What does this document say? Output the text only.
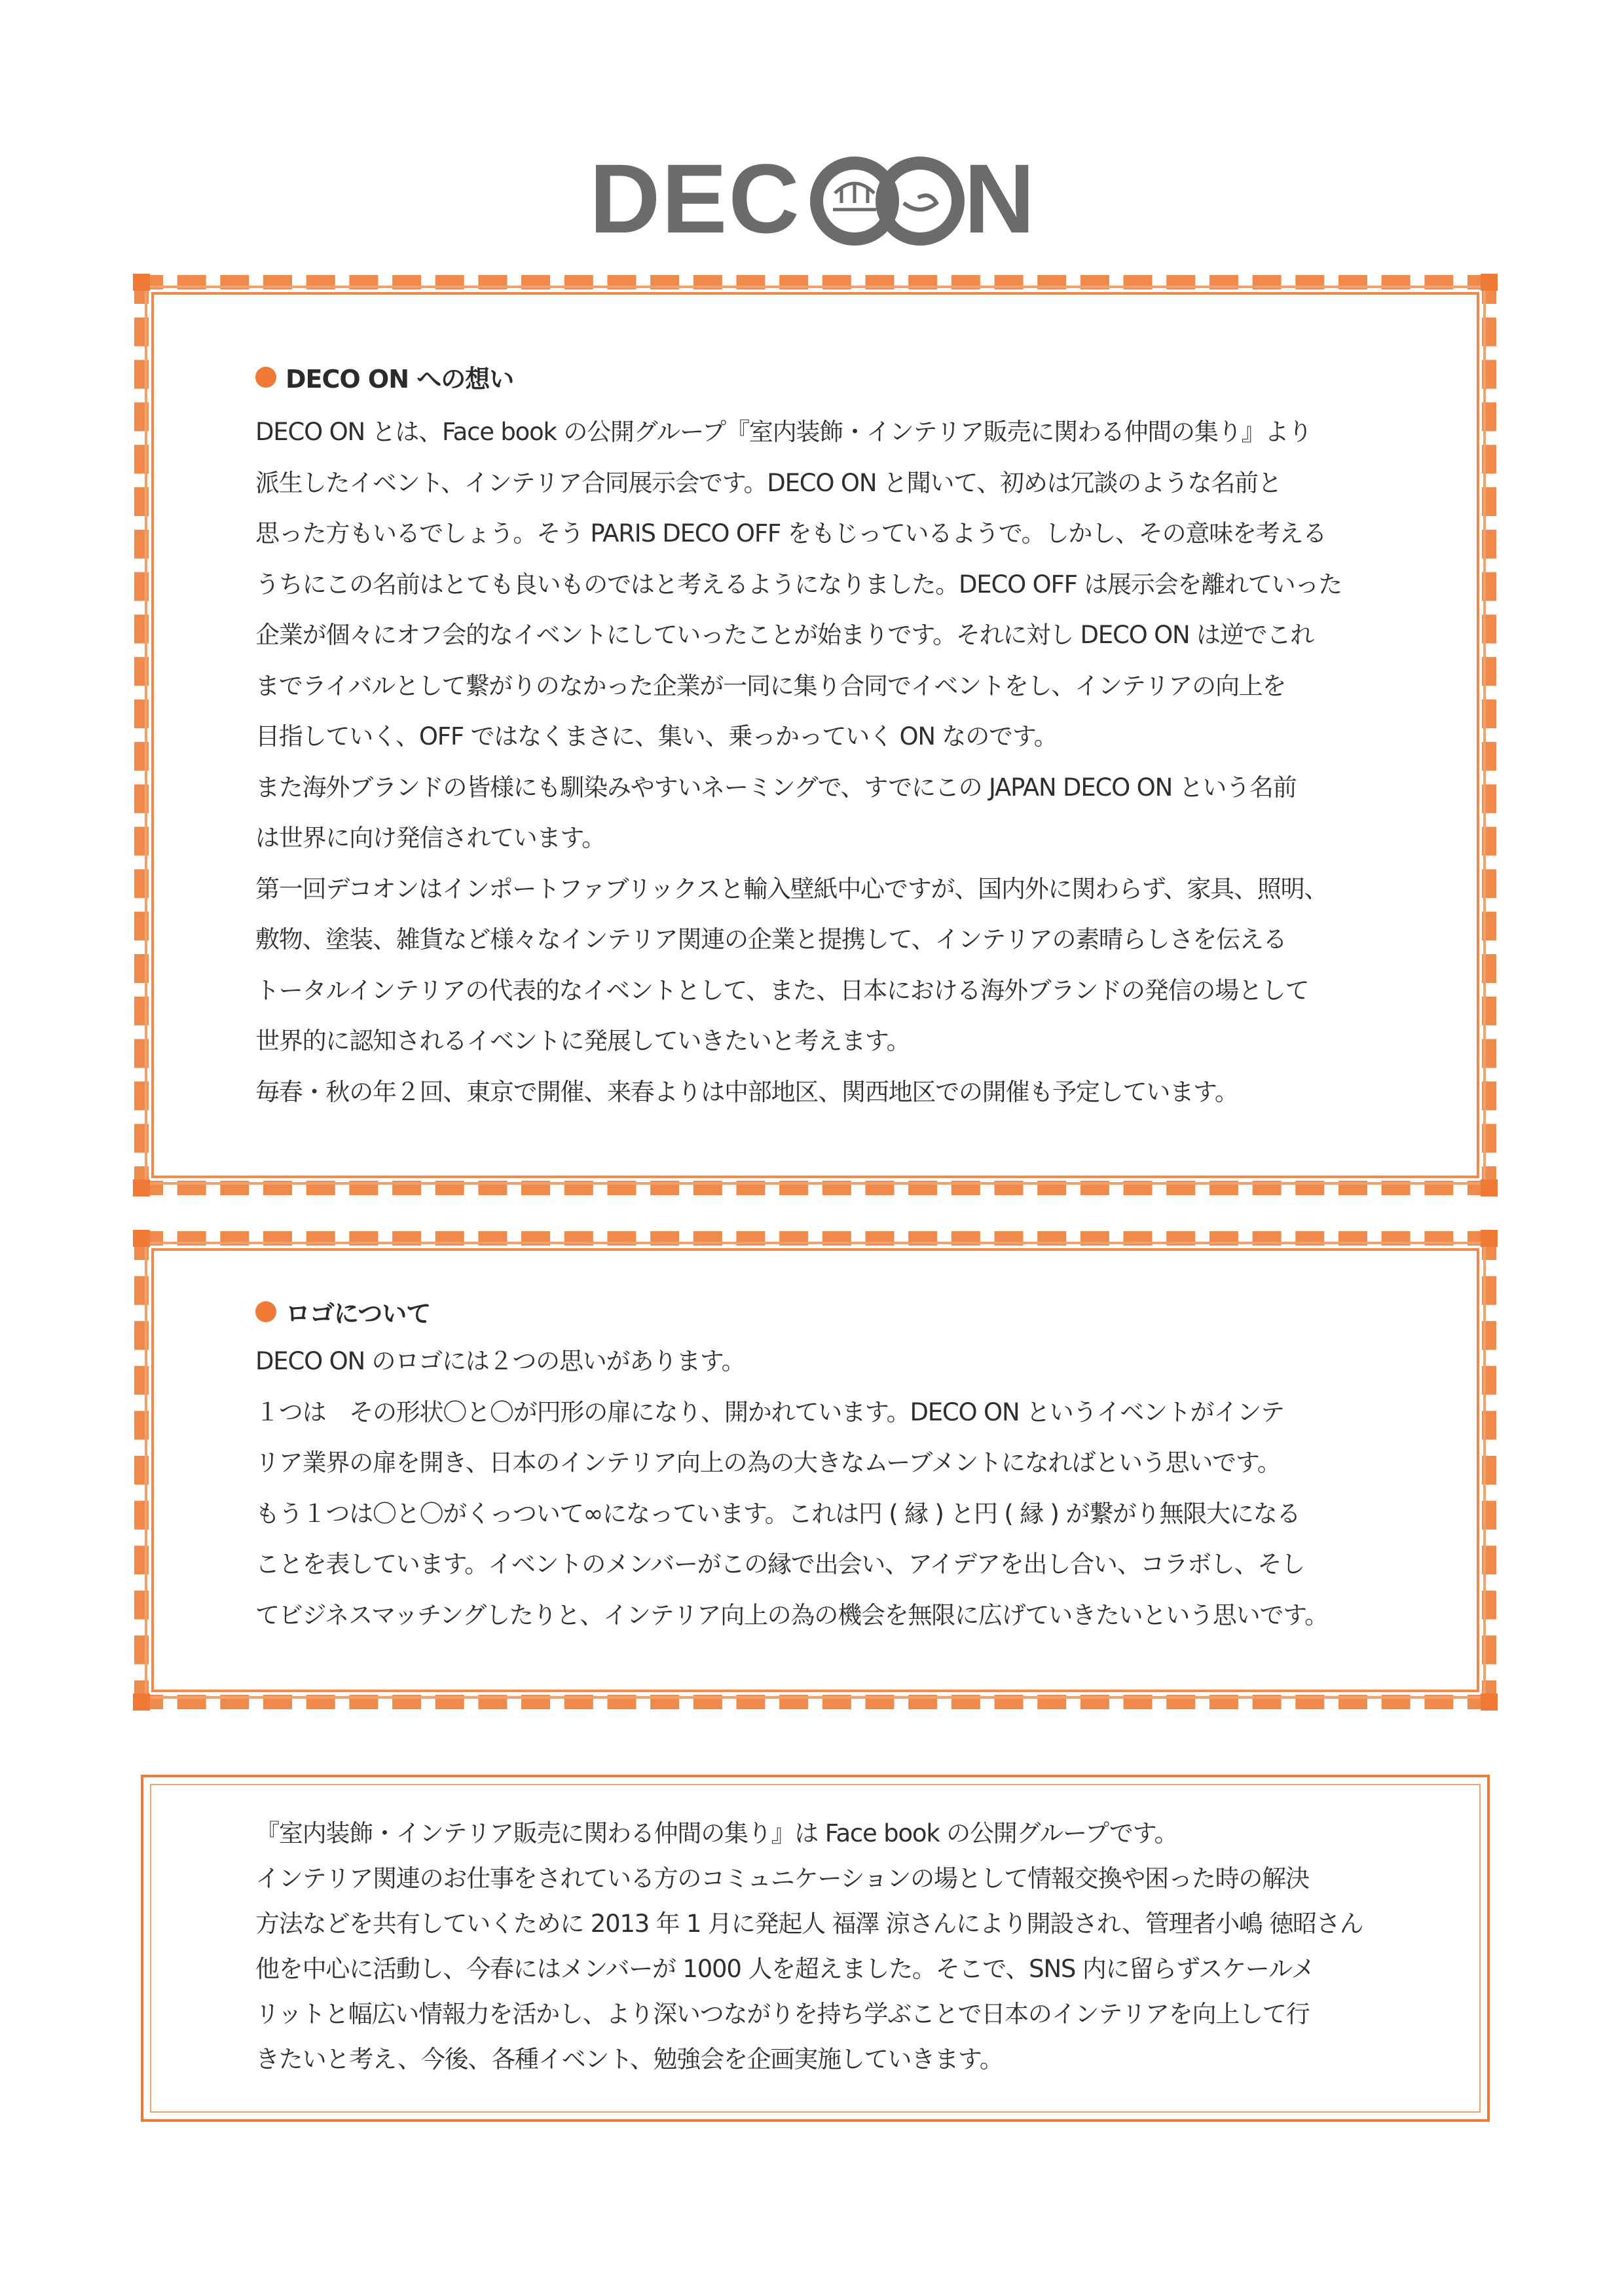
DEC N
DECO ON への想い

DECO ON とは、Face book の公開グループ『室内装飾・インテリア販売に関わる仲間の集り』より

派生したイベント、インテリア合同展示会です。DECO ON と聞いて、初めは冗談のような名前と

思った方もいるでしょう。そう PARIS DECO OFF をもじっているようで。しかし、その意味を考える

うちにこの名前はとても良いものではと考えるようになりました。DECO OFF は展示会を離れていった

企業が個々にオフ会的なイベントにしていったことが始まりです。それに対し DECO ON は逆でこれ

までライバルとして繋がりのなかった企業が一同に集り合同でイベントをし、インテリアの向上を

目指していく、OFF ではなくまさに、集い、乗っかっていく ON なのです。

また海外ブランドの皆様にも馴染みやすいネーミングで、すでにこの JAPAN DECO ON という名前

は世界に向け発信されています。

第一回デコオンはインポートファブリックスと輸入壁紙中心ですが、国内外に関わらず、家具、照明、

敷物、塗装、雑貨など様々なインテリア関連の企業と提携して、インテリアの素晴らしさを伝える

トータルインテリアの代表的なイベントとして、また、日本における海外ブランドの発信の場として

世界的に認知されるイベントに発展していきたいと考えます。

毎春・秋の年２回、東京で開催、来春よりは中部地区、関西地区での開催も予定しています。

ロゴについて

DECO ON のロゴには２つの思いがあります。

１つは　その形状〇と〇が円形の扉になり、開かれています。DECO ON というイベントがインテ

リア業界の扉を開き、日本のインテリア向上の為の大きなムーブメントになればという思いです。

もう１つは〇と〇がくっついて∞になっています。これは円 ( 縁 ) と円 ( 縁 ) が繋がり無限大になる

ことを表しています。イベントのメンバーがこの縁で出会い、アイデアを出し合い、コラボし、そし

てビジネスマッチングしたりと、インテリア向上の為の機会を無限に広げていきたいという思いです。

『室内装飾・インテリア販売に関わる仲間の集り』は Face book の公開グループです。

インテリア関連のお仕事をされている方のコミュニケーションの場として情報交換や困った時の解決

方法などを共有していくために 2013 年 1 月に発起人 福澤 涼さんにより開設され、管理者小嶋 徳昭さん

他を中心に活動し、今春にはメンバーが 1000 人を超えました。そこで、SNS 内に留らずスケールメ

リットと幅広い情報力を活かし、より深いつながりを持ち学ぶことで日本のインテリアを向上して行

きたいと考え、今後、各種イベント、勉強会を企画実施していきます。
